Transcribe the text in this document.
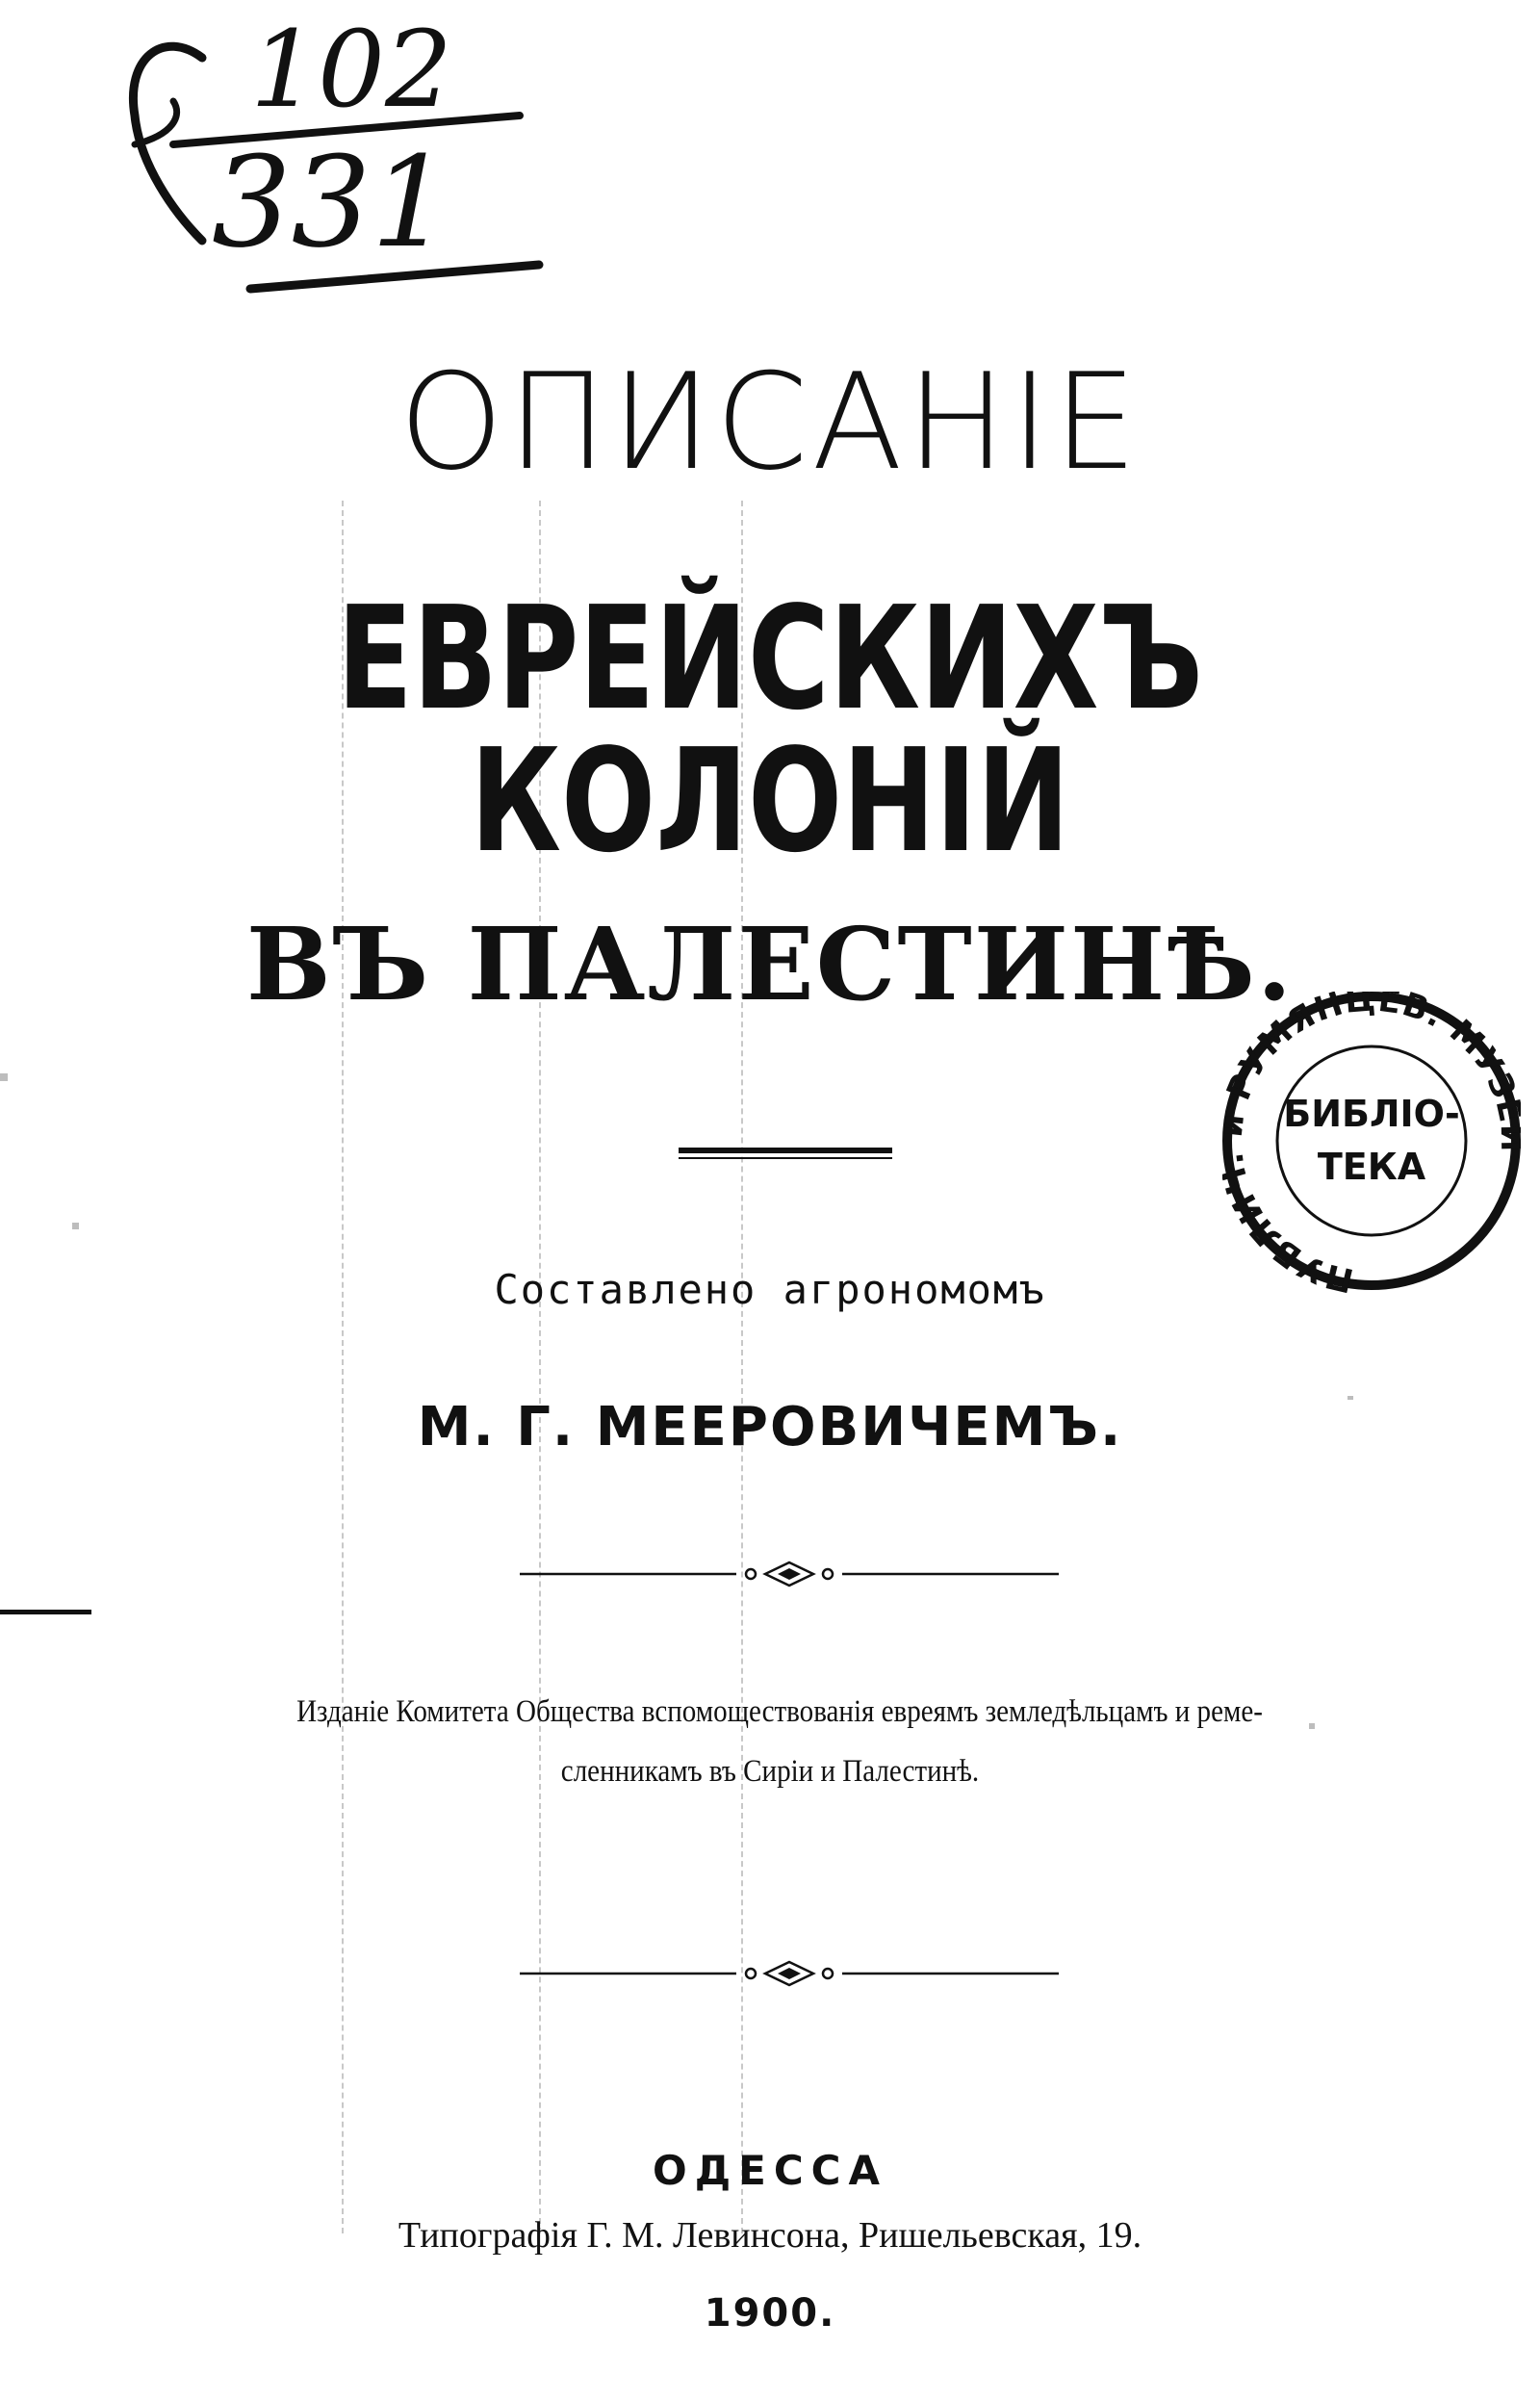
102
331
ОПИСАНІЕ
ЕВРЕЙСКИХЪ КОЛОНІЙ
ВЪ ПАЛЕСТИНѢ.
Составлено агрономомъ
М. Г. МЕЕРОВИЧЕМЪ.
Изданіе Комитета Общества вспомоществованія евреямъ земледѣльцамъ и реме-
сленникамъ въ Сиріи и Палестинѣ.
ОДЕССА
Типографія Г. М. Левинсона, Ришельевская, 19.
1900.
ПУБЛИ РУМЯНЦЕВ. МУЗ
БИБЛІО-
ТЕКА
